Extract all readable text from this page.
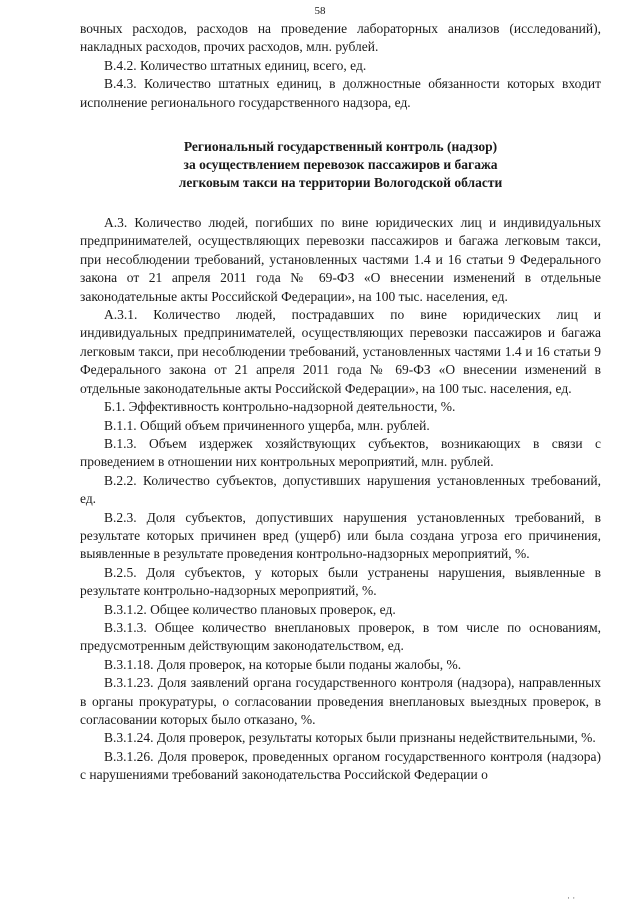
58

вочных расходов, расходов на проведение лабораторных анализов (исследований), накладных расходов, прочих расходов, млн. рублей.

В.4.2. Количество штатных единиц, всего, ед.

В.4.3. Количество штатных единиц, в должностные обязанности которых входит исполнение регионального государственного надзора, ед.

Региональный государственный контроль (надзор)
за осуществлением перевозок пассажиров и багажа
легковым такси на территории Вологодской области

А.3. Количество людей, погибших по вине юридических лиц и индивидуальных предпринимателей, осуществляющих перевозки пассажиров и багажа легковым такси, при несоблюдении требований, установленных частями 1.4 и 16 статьи 9 Федерального закона от 21 апреля 2011 года № 69-ФЗ «О внесении изменений в отдельные законодательные акты Российской Федерации», на 100 тыс. населения, ед.

А.3.1. Количество людей, пострадавших по вине юридических лиц и индивидуальных предпринимателей, осуществляющих перевозки пассажиров и багажа легковым такси, при несоблюдении требований, установленных частями 1.4 и 16 статьи 9 Федерального закона от 21 апреля 2011 года № 69-ФЗ «О внесении изменений в отдельные законодательные акты Российской Федерации», на 100 тыс. населения, ед.

Б.1. Эффективность контрольно-надзорной деятельности, %.

В.1.1. Общий объем причиненного ущерба, млн. рублей.

В.1.3. Объем издержек хозяйствующих субъектов, возникающих в связи с проведением в отношении них контрольных мероприятий, млн. рублей.

В.2.2. Количество субъектов, допустивших нарушения установленных требований, ед.

В.2.3. Доля субъектов, допустивших нарушения установленных требований, в результате которых причинен вред (ущерб) или была создана угроза его причинения, выявленные в результате проведения контрольно-надзорных мероприятий, %.

В.2.5. Доля субъектов, у которых были устранены нарушения, выявленные в результате контрольно-надзорных мероприятий, %.

В.3.1.2. Общее количество плановых проверок, ед.

В.3.1.3. Общее количество внеплановых проверок, в том числе по основаниям, предусмотренным действующим законодательством, ед.

В.3.1.18. Доля проверок, на которые были поданы жалобы, %.

В.3.1.23. Доля заявлений органа государственного контроля (надзора), направленных в органы прокуратуры, о согласовании проведения внеплановых выездных проверок, в согласовании которых было отказано, %.

В.3.1.24. Доля проверок, результаты которых были признаны недействительными, %.

В.3.1.26. Доля проверок, проведенных органом государственного контроля (надзора) с нарушениями требований законодательства Российской Федерации о

· ·
